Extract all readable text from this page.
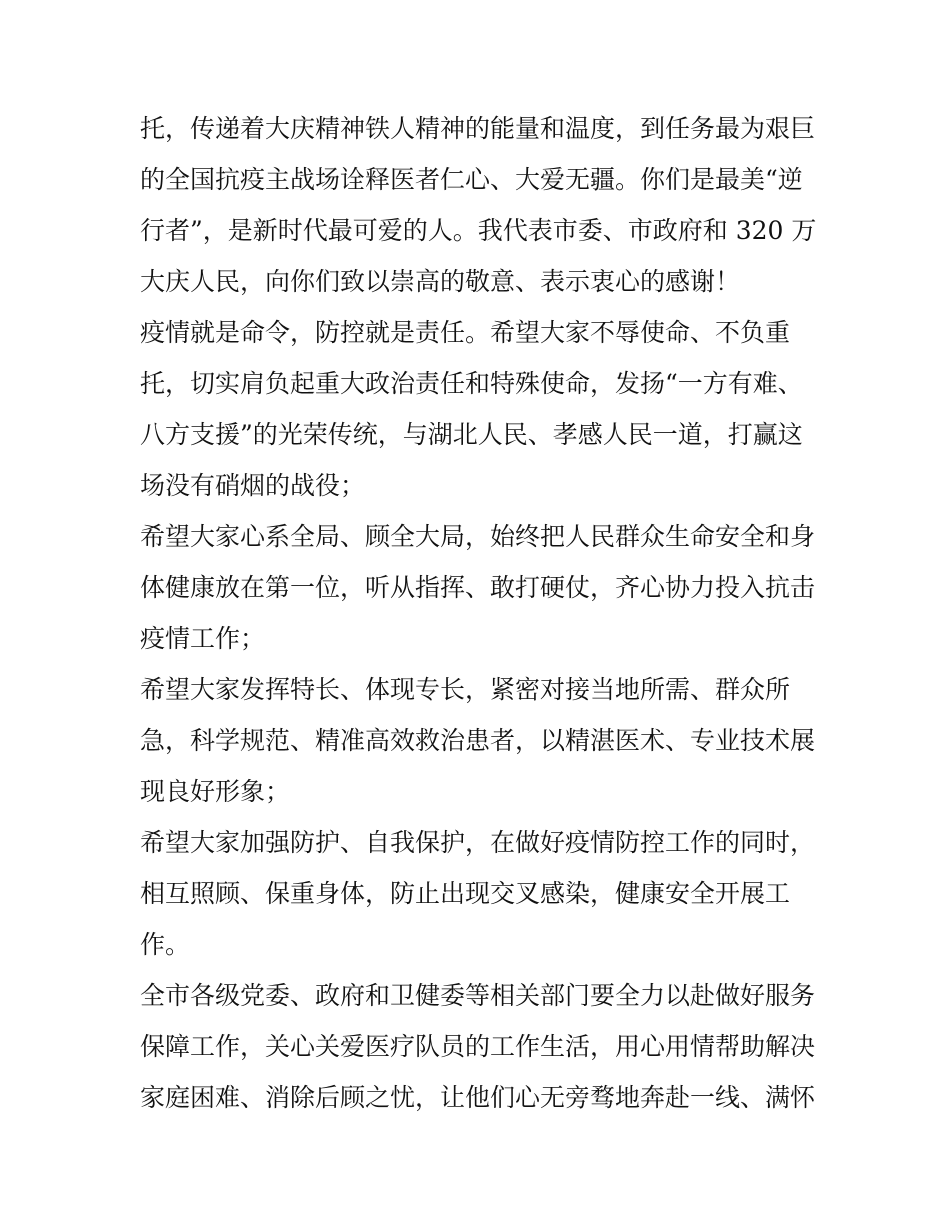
托，传递着大庆精神铁人精神的能量和温度，到任务最为艰巨
的全国抗疫主战场诠释医者仁心、大爱无疆。你们是最美“逆
行者”，是新时代最可爱的人。我代表市委、市政府和 320 万
大庆人民，向你们致以崇高的敬意、表示衷心的感谢！
疫情就是命令，防控就是责任。希望大家不辱使命、不负重
托，切实肩负起重大政治责任和特殊使命，发扬“一方有难、
八方支援”的光荣传统，与湖北人民、孝感人民一道，打赢这
场没有硝烟的战役；
希望大家心系全局、顾全大局，始终把人民群众生命安全和身
体健康放在第一位，听从指挥、敢打硬仗，齐心协力投入抗击
疫情工作；
希望大家发挥特长、体现专长，紧密对接当地所需、群众所
急，科学规范、精准高效救治患者，以精湛医术、专业技术展
现良好形象；
希望大家加强防护、自我保护，在做好疫情防控工作的同时，
相互照顾、保重身体，防止出现交叉感染，健康安全开展工
作。
全市各级党委、政府和卫健委等相关部门要全力以赴做好服务
保障工作，关心关爱医疗队员的工作生活，用心用情帮助解决
家庭困难、消除后顾之忧，让他们心无旁骛地奔赴一线、满怀
